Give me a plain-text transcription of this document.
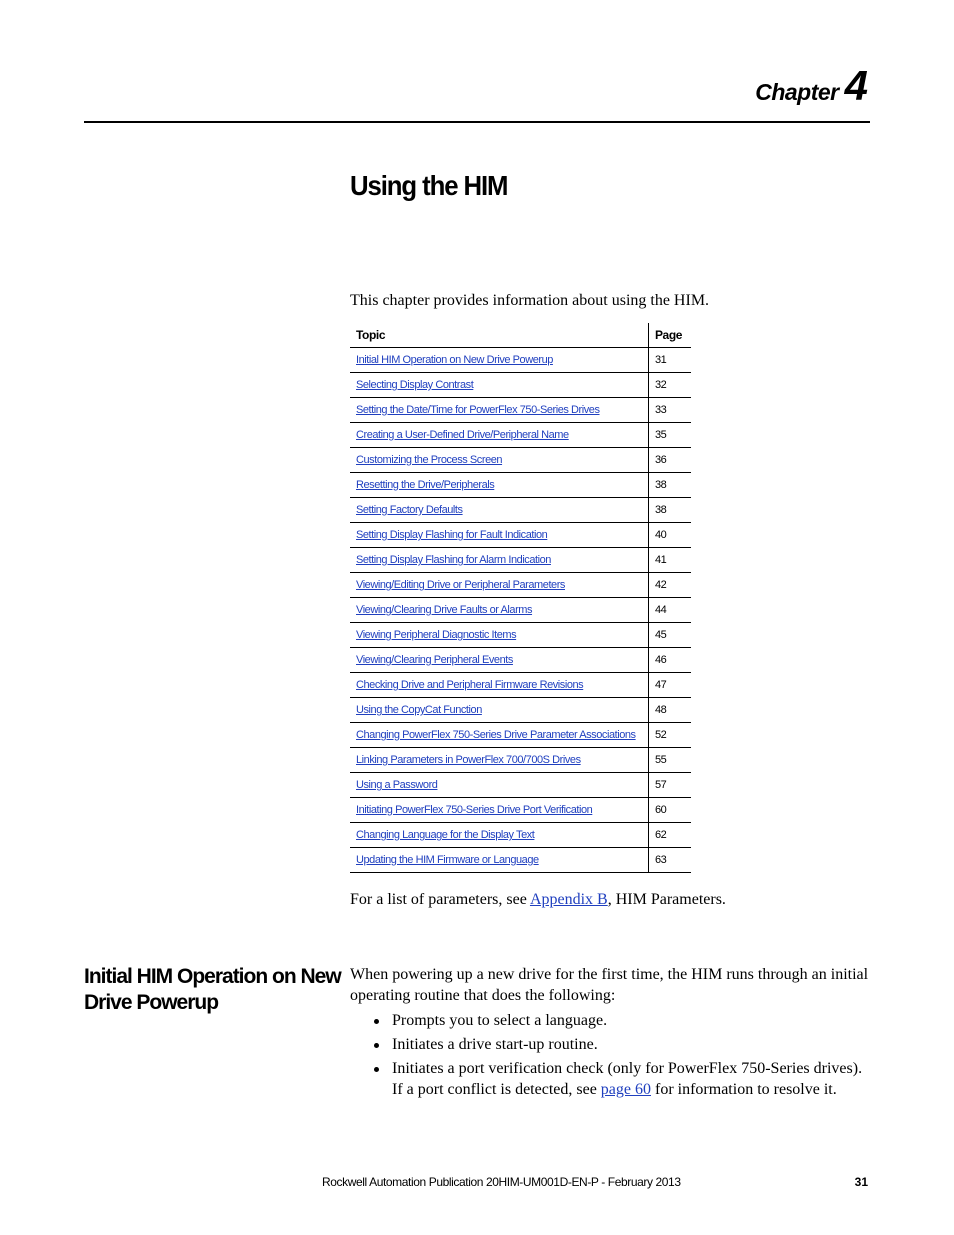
Chapter 4
Using the HIM

This chapter provides information about using the HIM.

Topic	Page
Initial HIM Operation on New Drive Powerup	31
Selecting Display Contrast	32
Setting the Date/Time for PowerFlex 750-Series Drives	33
Creating a User-Defined Drive/Peripheral Name	35
Customizing the Process Screen	36
Resetting the Drive/Peripherals	38
Setting Factory Defaults	38
Setting Display Flashing for Fault Indication	40
Setting Display Flashing for Alarm Indication	41
Viewing/Editing Drive or Peripheral Parameters	42
Viewing/Clearing Drive Faults or Alarms	44
Viewing Peripheral Diagnostic Items	45
Viewing/Clearing Peripheral Events	46
Checking Drive and Peripheral Firmware Revisions	47
Using the CopyCat Function	48
Changing PowerFlex 750-Series Drive Parameter Associations	52
Linking Parameters in PowerFlex 700/700S Drives	55
Using a Password	57
Initiating PowerFlex 750-Series Drive Port Verification	60
Changing Language for the Display Text	62
Updating the HIM Firmware or Language	63

For a list of parameters, see Appendix B, HIM Parameters.

Initial HIM Operation on New Drive Powerup

When powering up a new drive for the first time, the HIM runs through an initial operating routine that does the following:

Prompts you to select a language.
Initiates a drive start-up routine.
Initiates a port verification check (only for PowerFlex 750-Series drives). If a port conflict is detected, see page 60 for information to resolve it.
Rockwell Automation Publication 20HIM-UM001D-EN-P - February 2013	31
